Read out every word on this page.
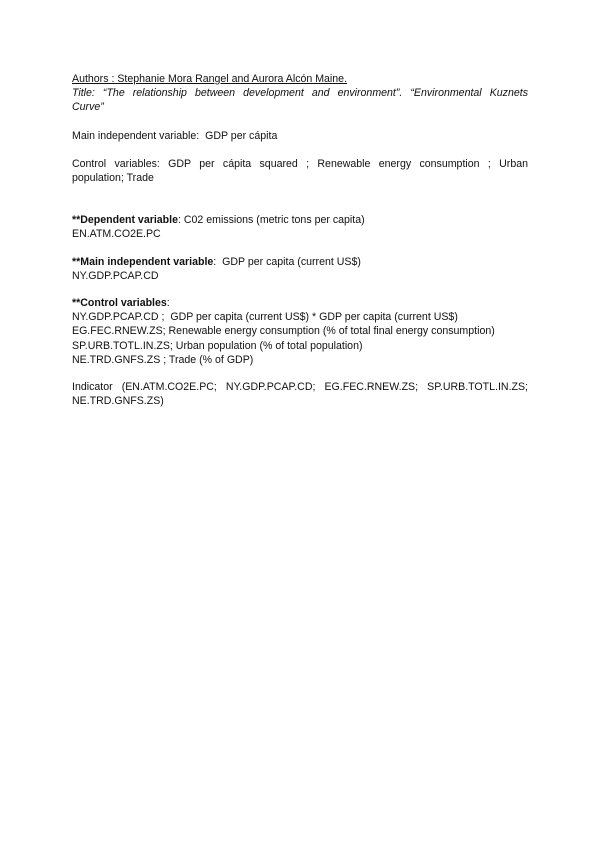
Authors : Stephanie Mora Rangel and Aurora Alcón Maine.
Title: “The relationship between development and environment”. “Environmental Kuznets
Curve”
Main independent variable:  GDP per cápita
Control variables: GDP per cápita squared ; Renewable energy consumption ; Urban
population; Trade
**Dependent variable: C02 emissions (metric tons per capita)
EN.ATM.CO2E.PC
**Main independent variable:  GDP per capita (current US$)
NY.GDP.PCAP.CD
**Control variables:
NY.GDP.PCAP.CD ;  GDP per capita (current US$) * GDP per capita (current US$)
EG.FEC.RNEW.ZS; Renewable energy consumption (% of total final energy consumption)
SP.URB.TOTL.IN.ZS; Urban population (% of total population)
NE.TRD.GNFS.ZS ; Trade (% of GDP)
Indicator (EN.ATM.CO2E.PC; NY.GDP.PCAP.CD; EG.FEC.RNEW.ZS; SP.URB.TOTL.IN.ZS;
NE.TRD.GNFS.ZS)
